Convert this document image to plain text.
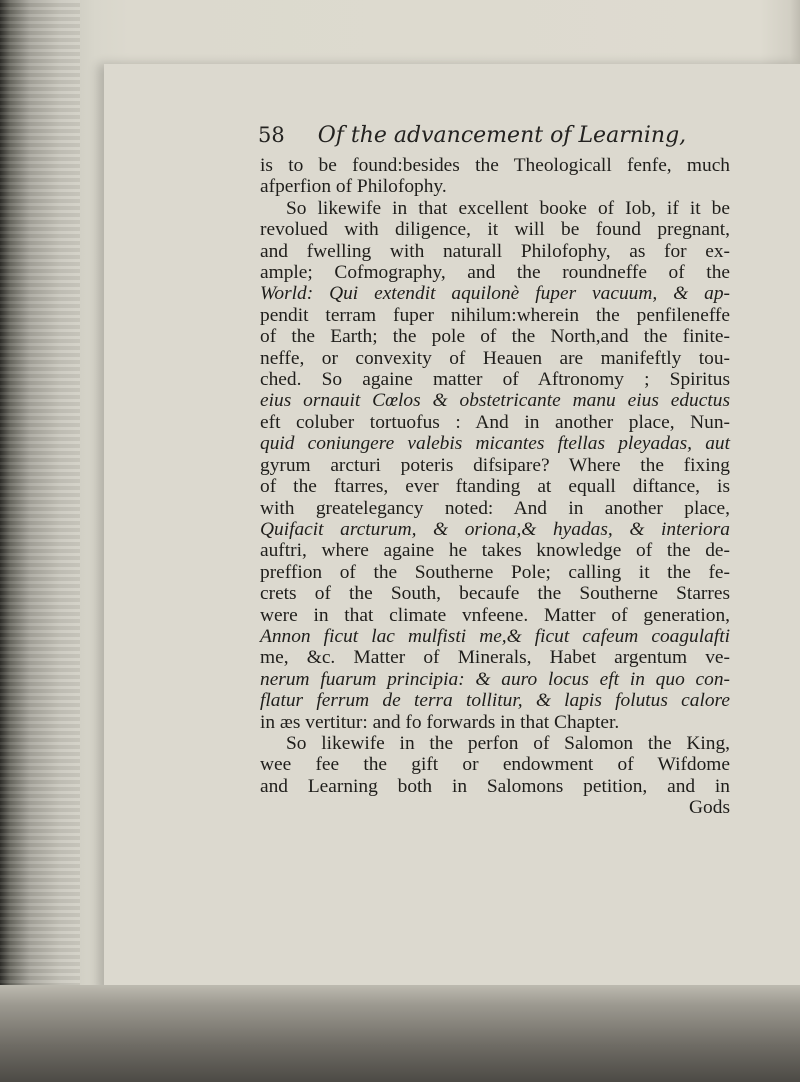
58 Of the advancement of Learning,
is to be found:besides the Theologicall fenfe, much
afperfion of Philofophy.
So likewife in that excellent booke of Iob, if it be
revolued with diligence, it will be found pregnant,
and fwelling with naturall Philofophy, as for ex-
ample; Cofmography, and the roundneffe of the
World: Qui extendit aquilonè fuper vacuum, & ap-
pendit terram fuper nihilum:wherein the penfileneffe
of the Earth; the pole of the North,and the finite-
neffe, or convexity of Heauen are manifeftly tou-
ched. So againe matter of Aftronomy ; Spiritus
eius ornauit Cœlos & obstetricante manu eius eductus
eft coluber tortuofus : And in another place, Nun-
quid coniungere valebis micantes ftellas pleyadas, aut
gyrum arcturi poteris difsipare? Where the fixing
of the ftarres, ever ftanding at equall diftance, is
with greatelegancy noted: And in another place,
Quifacit arcturum, & oriona,& hyadas, & interiora
auftri, where againe he takes knowledge of the de-
preffion of the Southerne Pole; calling it the fe-
crets of the South, becaufe the Southerne Starres
were in that climate vnfeene. Matter of generation,
Annon ficut lac mulfisti me,& ficut cafeum coagulafti
me, &c. Matter of Minerals, Habet argentum ve-
nerum fuarum principia: & auro locus eft in quo con-
flatur ferrum de terra tollitur, & lapis folutus calore
in æs vertitur: and fo forwards in that Chapter.
So likewife in the perfon of Salomon the King,
wee fee the gift or endowment of Wifdome
and Learning both in Salomons petition, and in
Gods
